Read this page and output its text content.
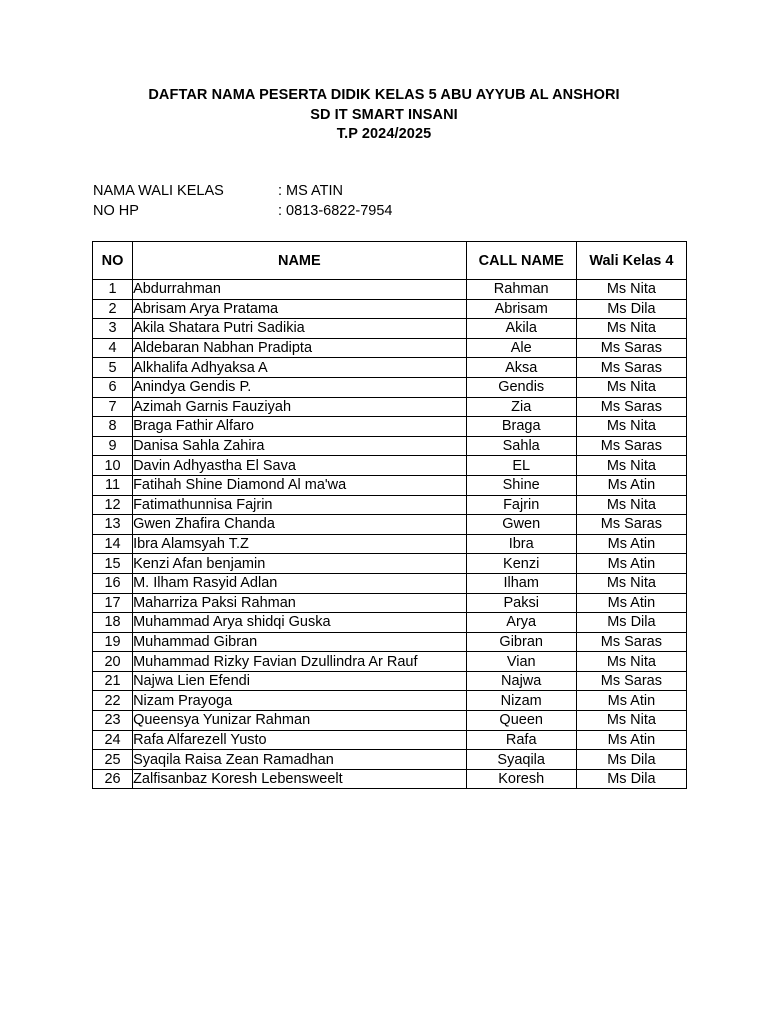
DAFTAR NAMA PESERTA DIDIK KELAS 5 ABU AYYUB AL ANSHORI
SD IT SMART INSANI
T.P 2024/2025
NAMA WALI KELAS	: MS ATIN
NO HP	: 0813-6822-7954
NO	NAME	CALL NAME	Wali Kelas 4
1	Abdurrahman	Rahman	Ms Nita
2	Abrisam Arya Pratama	Abrisam	Ms Dila
3	Akila Shatara Putri Sadikia	Akila	Ms Nita
4	Aldebaran Nabhan Pradipta	Ale	Ms Saras
5	Alkhalifa Adhyaksa A	Aksa	Ms Saras
6	Anindya Gendis P.	Gendis	Ms Nita
7	Azimah Garnis Fauziyah	Zia	Ms Saras
8	Braga Fathir Alfaro	Braga	Ms Nita
9	Danisa Sahla Zahira	Sahla	Ms Saras
10	Davin Adhyastha El Sava	EL	Ms Nita
11	Fatihah Shine Diamond Al ma'wa	Shine	Ms Atin
12	Fatimathunnisa Fajrin	Fajrin	Ms Nita
13	Gwen Zhafira Chanda	Gwen	Ms Saras
14	Ibra Alamsyah T.Z	Ibra	Ms Atin
15	Kenzi Afan benjamin	Kenzi	Ms Atin
16	M. Ilham Rasyid Adlan	Ilham	Ms Nita
17	Maharriza Paksi Rahman	Paksi	Ms Atin
18	Muhammad Arya shidqi Guska	Arya	Ms Dila
19	Muhammad Gibran	Gibran	Ms Saras
20	Muhammad Rizky Favian Dzullindra Ar Rauf	Vian	Ms Nita
21	Najwa Lien Efendi	Najwa	Ms Saras
22	Nizam Prayoga	Nizam	Ms Atin
23	Queensya Yunizar Rahman	Queen	Ms Nita
24	Rafa Alfarezell Yusto	Rafa	Ms Atin
25	Syaqila Raisa Zean Ramadhan	Syaqila	Ms Dila
26	Zalfisanbaz Koresh Lebensweelt	Koresh	Ms Dila
